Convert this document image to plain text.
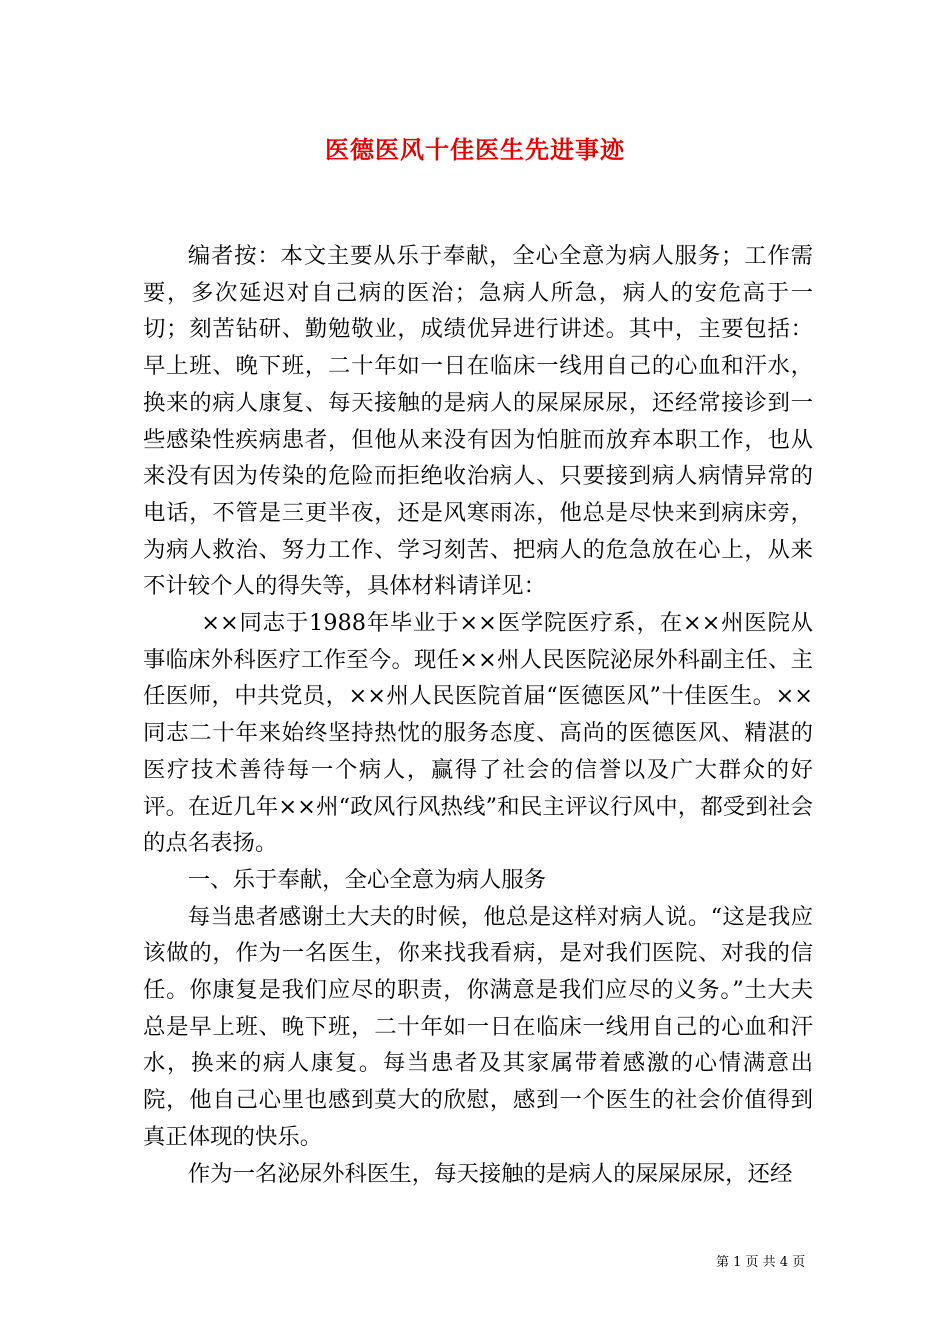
医德医风十佳医生先进事迹

编者按：本文主要从乐于奉献，全心全意为病人服务；工作需要，多次延迟对自己病的医治；急病人所急，病人的安危高于一切；刻苦钻研、勤勉敬业，成绩优异进行讲述。其中，主要包括：早上班、晚下班，二十年如一日在临床一线用自己的心血和汗水，换来的病人康复、每天接触的是病人的屎屎尿尿，还经常接诊到一些感染性疾病患者，但他从来没有因为怕脏而放弃本职工作，也从来没有因为传染的危险而拒绝收治病人、只要接到病人病情异常的电话，不管是三更半夜，还是风寒雨冻，他总是尽快来到病床旁，为病人救治、努力工作、学习刻苦、把病人的危急放在心上，从来不计较个人的得失等，具体材料请详见：

××同志于1988年毕业于××医学院医疗系，在××州医院从事临床外科医疗工作至今。现任××州人民医院泌尿外科副主任、主任医师，中共党员，××州人民医院首届“医德医风”十佳医生。××同志二十年来始终坚持热忱的服务态度、高尚的医德医风、精湛的医疗技术善待每一个病人，赢得了社会的信誉以及广大群众的好评。在近几年××州“政风行风热线”和民主评议行风中，都受到社会的点名表扬。

一、乐于奉献，全心全意为病人服务

每当患者感谢土大夫的时候，他总是这样对病人说。“这是我应该做的，作为一名医生，你来找我看病，是对我们医院、对我的信任。你康复是我们应尽的职责，你满意是我们应尽的义务。”土大夫总是早上班、晚下班，二十年如一日在临床一线用自己的心血和汗水，换来的病人康复。每当患者及其家属带着感激的心情满意出院，他自己心里也感到莫大的欣慰，感到一个医生的社会价值得到真正体现的快乐。

作为一名泌尿外科医生，每天接触的是病人的屎屎尿尿，还经

第 1 页 共 4 页
